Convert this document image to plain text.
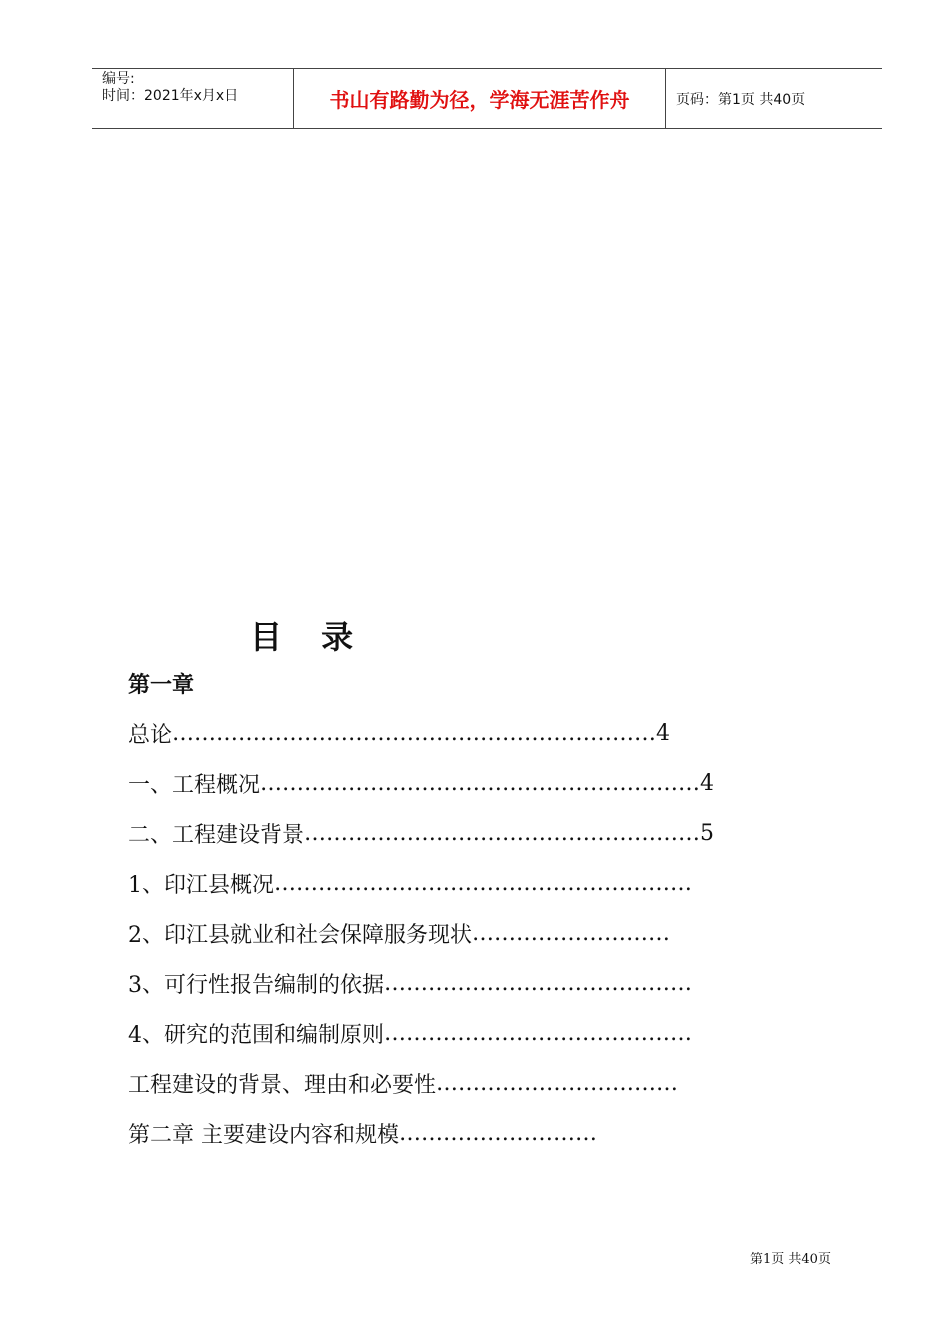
编号:
时间：2021年x月x日	书山有路勤为径，学海无涯苦作舟	页码：第1页 共40页
目 录
第一章
总论 ………………………………………………………… 4
一、工程概况 …………………………………………………… 4
二、工程建设背景 ……………………………………………… 5
1、印江县概况 …………………………………………………
2、印江县就业和社会保障服务现状 ………………………
3、可行性报告编制的依据 ……………………………………
4、研究的范围和编制原则 ……………………………………
工程建设的背景、理由和必要性 ……………………………
第二章 主要建设内容和规模 ………………………
第1页 共40页
